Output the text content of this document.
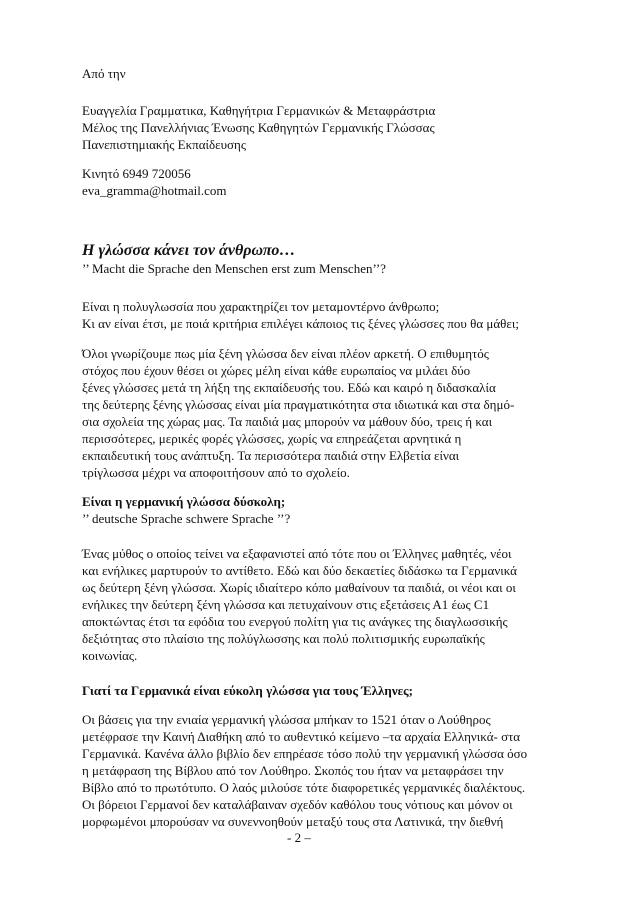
Από την
Ευαγγελία Γραμματικα, Καθηγήτρια Γερμανικών & Μεταφράστρια
Μέλος της Πανελλήνιας Ένωσης Καθηγητών Γερμανικής Γλώσσας
Πανεπιστημιακής Εκπαίδευσης
Κινητό 6949 720056
eva_gramma@hotmail.com
Η γλώσσα κάνει τον άνθρωπο…
’’ Macht die Sprache den Menschen erst zum Menschen’’?
Είναι η πολυγλωσσία που χαρακτηρίζει τον μεταμοντέρνο άνθρωπο;
Κι αν είναι έτσι, με ποιά κριτήρια επιλέγει κάποιος τις ξένες γλώσσες που θα μάθει;
Όλοι γνωρίζουμε πως μία ξένη γλώσσα δεν είναι πλέον αρκετή. Ο επιθυμητός
στόχος που έχουν θέσει οι χώρες μέλη είναι κάθε ευρωπαίος να μιλάει δύο
ξένες γλώσσες μετά τη λήξη της εκπαίδευσής του. Εδώ και καιρό η διδασκαλία
της δεύτερης ξένης γλώσσας είναι μία πραγματικότητα στα ιδιωτικά και στα δημό-
σια σχολεία της χώρας μας. Τα παιδιά μας μπορούν να μάθουν δύο, τρεις ή και
περισσότερες, μερικές φορές γλώσσες, χωρίς να επηρεάζεται αρνητικά η
εκπαιδευτική τους ανάπτυξη. Τα περισσότερα παιδιά στην Ελβετία είναι
τρίγλωσσα μέχρι να αποφοιτήσουν από το σχολείο.
Είναι η γερμανική γλώσσα δύσκολη;
’’ deutsche Sprache schwere Sprache ’’?
Ένας μύθος ο οποίος τείνει να εξαφανιστεί από τότε που οι Έλληνες μαθητές, νέοι
και ενήλικες μαρτυρούν το αντίθετο. Εδώ και δύο δεκαετίες διδάσκω τα Γερμανικά
ως δεύτερη ξένη γλώσσα. Χωρίς ιδιαίτερο κόπο μαθαίνουν τα παιδιά, οι νέοι και οι
ενήλικες την δεύτερη ξένη γλώσσα και πετυχαίνουν στις εξετάσεις Α1 έως C1
αποκτώντας έτσι τα εφόδια του ενεργού πολίτη για τις ανάγκες της διαγλωσσικής
δεξιότητας στο πλαίσιο της πολύγλωσσης και πολύ πολιτισμικής ευρωπαϊκής
κοινωνίας.
Γιατί τα Γερμανικά είναι εύκολη γλώσσα για τους Έλληνες;
Οι βάσεις για την ενιαία γερμανική γλώσσα μπήκαν το 1521 όταν ο Λούθηρος
μετέφρασε την Καινή Διαθήκη από το αυθεντικό κείμενο –τα αρχαία Ελληνικά- στα
Γερμανικά. Κανένα άλλο βιβλίο δεν επηρέασε τόσο πολύ την γερμανική γλώσσα όσο
η μετάφραση της Βίβλου από τον Λούθηρο. Σκοπός του ήταν να μεταφράσει την
Βίβλο από το πρωτότυπο. Ο λαός μιλούσε τότε διαφορετικές γερμανικές διαλέκτους.
Οι βόρειοι Γερμανοί δεν καταλάβαιναν σχεδόν καθόλου τους νότιους και μόνον οι
μορφωμένοι μπορούσαν να συνεννοηθούν μεταξύ τους στα Λατινικά, την διεθνή
- 2 –
